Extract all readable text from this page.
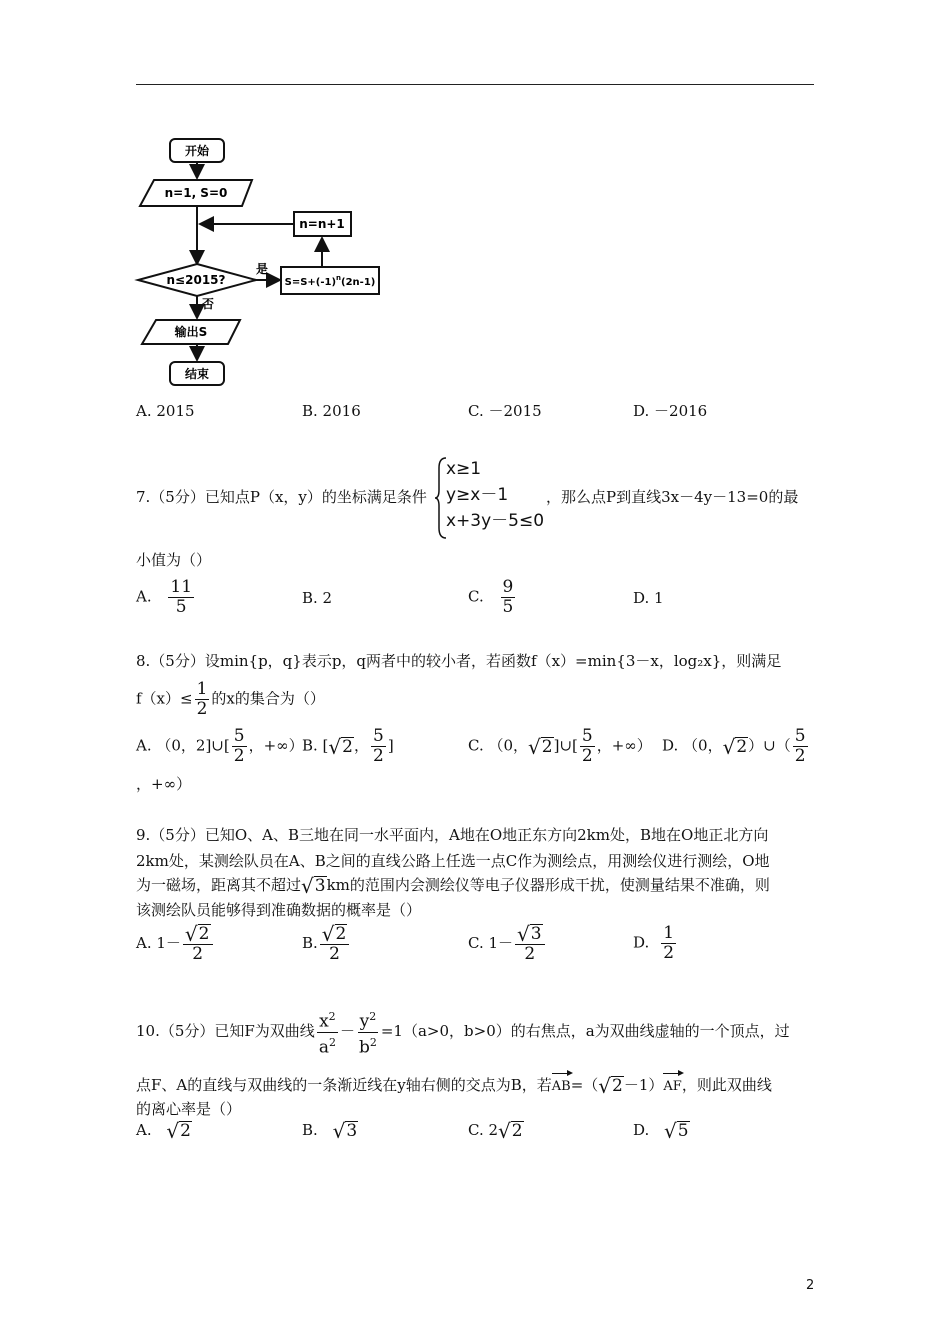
开始
n=1, S=0
n≤2015?
是
$S=S+(-1)^n(2n-1)$
n=n+1
否
输出S
结束
A. 2015	B. 2016	C. －2015	D. －2016
7.（5分）已知点P（x，y）的坐标满足条件
x≥1
y≥x－1
x+3y－5≤0
，那么点P到直线3x－4y－13=0的最
小值为（）
A. $\frac{11}{5}$	B. 2	C. $\frac{9}{5}$	D. 1
8.（5分）设min{p，q}表示p，q两者中的较小者，若函数f（x）=min{3－x，log₂x}，则满足
$f(x)\le \frac{1}{2}$ 的x的集合为（）
A. （0，2]∪[ $\frac{5}{2}$ ，+∞）
B. [ √ 2 ， $\frac{5}{2}$ ]	C. （0， √ 2 ]∪[ $\frac{5}{2}$ ，+∞） D. （0， √ 2 ）∪（ $\frac{5}{2}$
，+∞）
9.（5分）已知O、A、B三地在同一水平面内，A地在O地正东方向2km处，B地在O地正北方向
2km处，某测绘队员在A、B之间的直线公路上任选一点C作为测绘点，用测绘仪进行测绘，O地
为一磁场，距离其不超过 √ 3 km的范围内会测绘仪等电子仪器形成干扰，使测量结果不准确，则
该测绘队员能够得到准确数据的概率是（）
A. $1- \frac{√ 2}{2}$	B. $\frac{√ 2}{2}$	C. $1- \frac{√ 3}{2}$	D. $\frac{1}{2}$
10.（5分）已知F为双曲线 $\frac{x^2}{a^2} - \frac{y^2}{b^2} =1(a>0$，b>0）的右焦点，a为双曲线虚轴的一个顶点，过
点F、A的直线与双曲线的一条渐近线在y轴右侧的交点为B，若AB=（ √ 2 －1）AF，则此双曲线
的离心率是（）
A. √ 2	B. √ 3	C. 2 √ 2	D. √ 5
2
